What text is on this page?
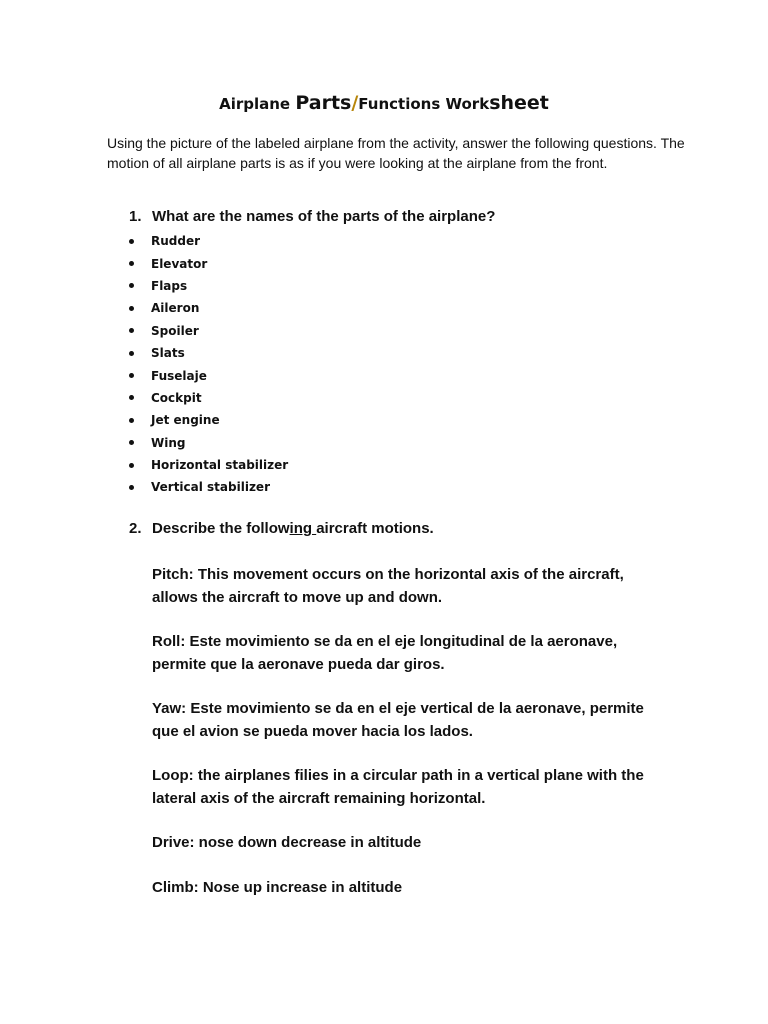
Airplane Parts/Functions Worksheet

Using the picture of the labeled airplane from the activity, answer the following questions. The motion of all airplane parts is as if you were looking at the airplane from the front.

1. What are the names of the parts of the airplane?
Rudder
Elevator
Flaps
Aileron
Spoiler
Slats
Fuselaje
Cockpit
Jet engine
Wing
Horizontal stabilizer
Vertical stabilizer
2. Describe the following aircraft motions.

Pitch: This movement occurs on the horizontal axis of the aircraft, allows the aircraft to move up and down.

Roll: Este movimiento se da en el eje longitudinal de la aeronave, permite que la aeronave pueda dar giros.

Yaw: Este movimiento se da en el eje vertical de la aeronave, permite que el avion se pueda mover hacia los lados.

Loop: the airplanes filies in a circular path in a vertical plane with the lateral axis of the aircraft remaining horizontal.

Drive: nose down decrease in altitude

Climb: Nose up increase in altitude
